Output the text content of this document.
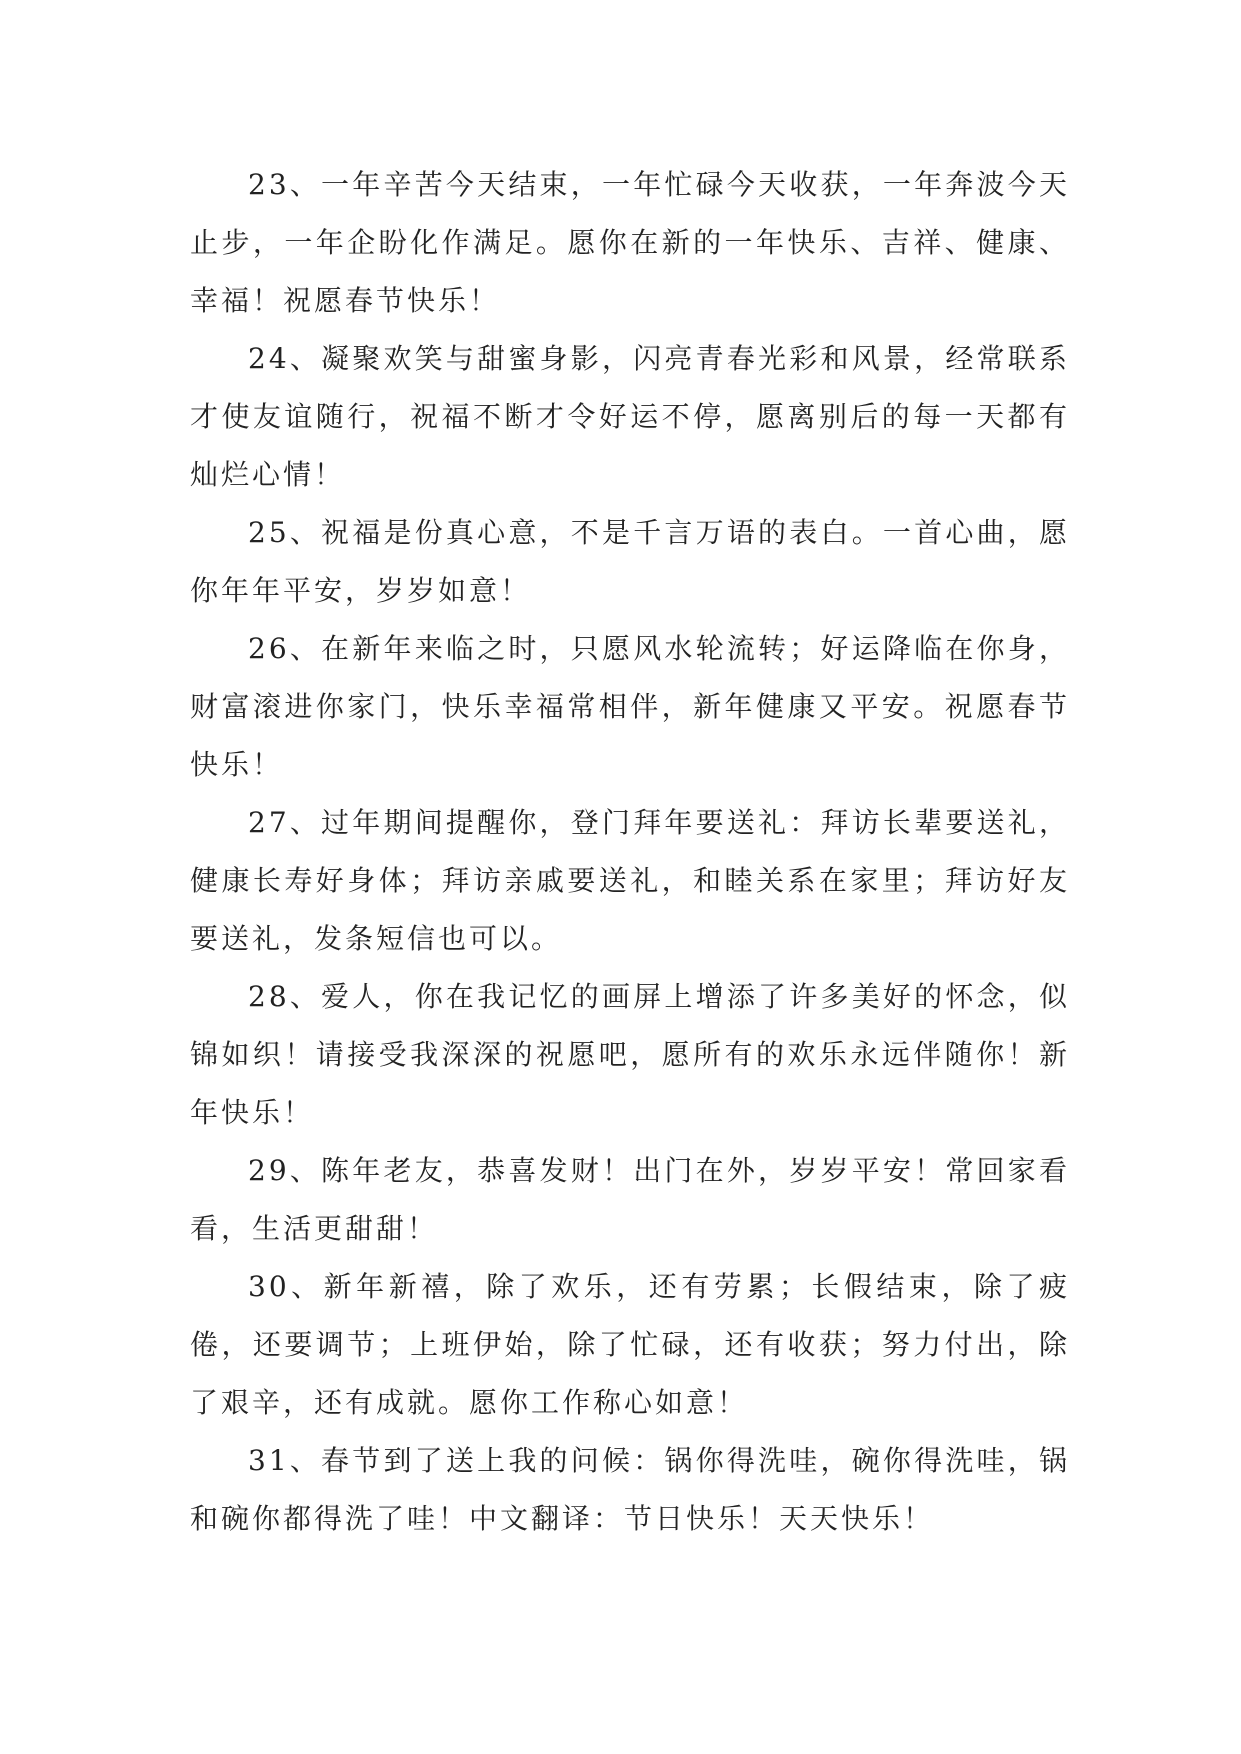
23、一年辛苦今天结束，一年忙碌今天收获，一年奔波今天止步，一年企盼化作满足。愿你在新的一年快乐、吉祥、健康、幸福！祝愿春节快乐！

24、凝聚欢笑与甜蜜身影，闪亮青春光彩和风景，经常联系才使友谊随行，祝福不断才令好运不停，愿离别后的每一天都有灿烂心情！

25、祝福是份真心意，不是千言万语的表白。一首心曲，愿你年年平安，岁岁如意！

26、在新年来临之时，只愿风水轮流转；好运降临在你身，财富滚进你家门，快乐幸福常相伴，新年健康又平安。祝愿春节快乐！

27、过年期间提醒你，登门拜年要送礼：拜访长辈要送礼，健康长寿好身体；拜访亲戚要送礼，和睦关系在家里；拜访好友要送礼，发条短信也可以。

28、爱人，你在我记忆的画屏上增添了许多美好的怀念，似锦如织！请接受我深深的祝愿吧，愿所有的欢乐永远伴随你！新年快乐！

29、陈年老友，恭喜发财！出门在外，岁岁平安！常回家看看，生活更甜甜！

30、新年新禧，除了欢乐，还有劳累；长假结束，除了疲倦，还要调节；上班伊始，除了忙碌，还有收获；努力付出，除了艰辛，还有成就。愿你工作称心如意！

31、春节到了送上我的问候：锅你得洗哇，碗你得洗哇，锅和碗你都得洗了哇！中文翻译：节日快乐！天天快乐！
